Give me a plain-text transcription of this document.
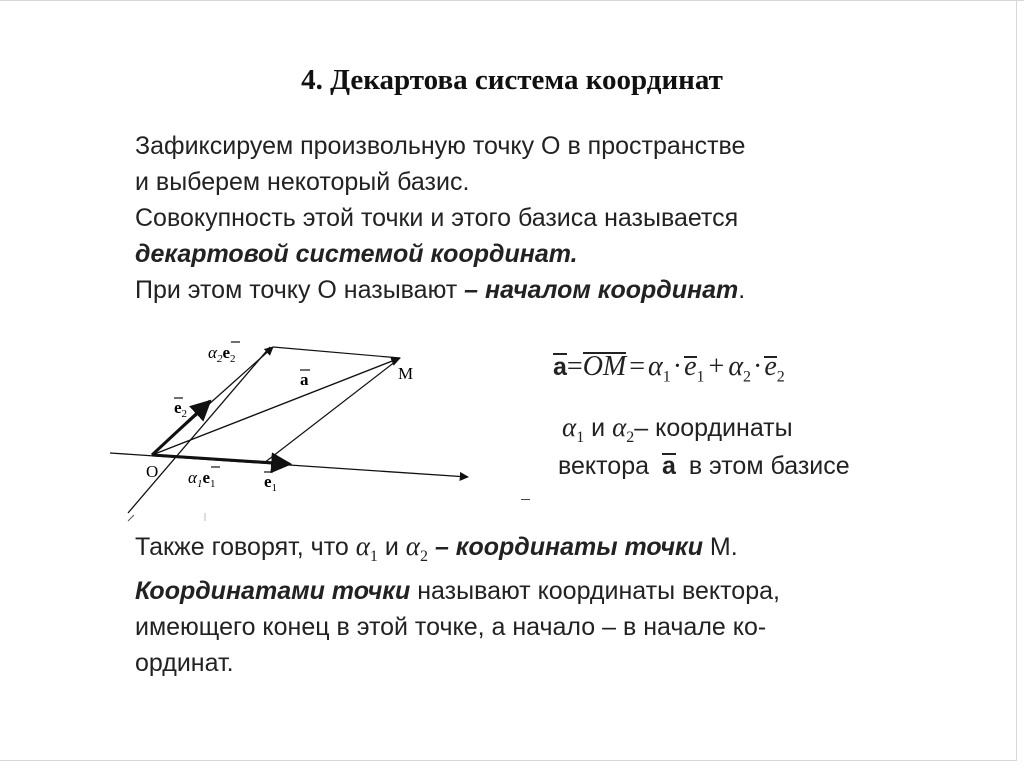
4. Декартова система координат
Зафиксируем произвольную точку О в пространстве
и выберем некоторый базис.
Совокупность этой точки и этого базиса называется
декартовой системой координат.
При этом точку О называют – началом координат.
$\alpha_2e_2$
a	M
$e_2$
O $\alpha_1e_1$	$e_1$
$a=OM = \alpha_1\cdot e_1 + \alpha_2\cdot e_2$
$\alpha_1$ и $\alpha_2-$ координаты
вектора a в этом базисе
Также говорят, что $\alpha_1$ и $\alpha_2$ – координаты точки М.
Координатами точки называют координаты вектора,
имеющего конец в этой точке, а начало – в начале ко-
ординат.
